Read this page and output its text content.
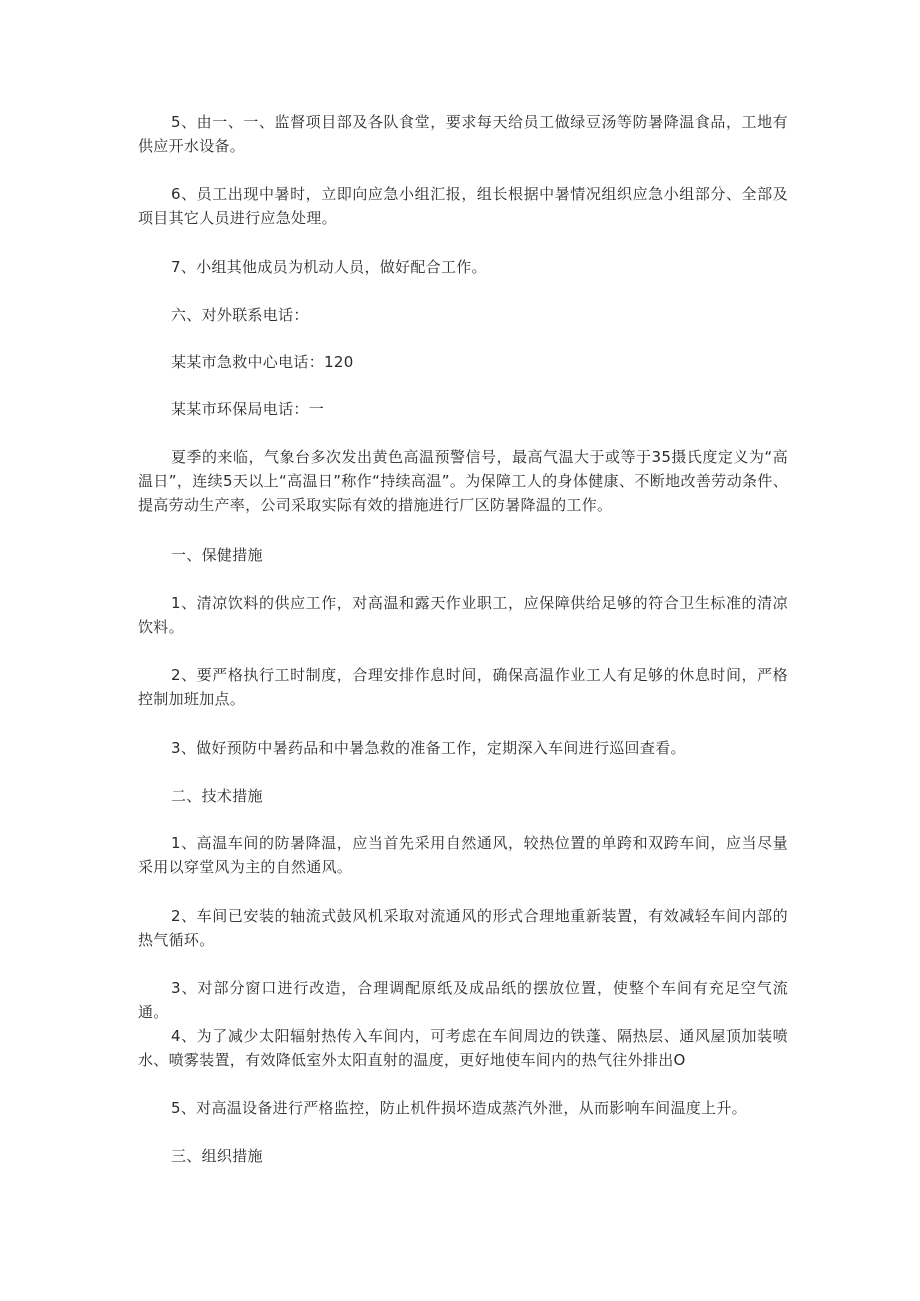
5、由一、一、监督项目部及各队食堂，要求每天给员工做绿豆汤等防暑降温食品，工地有供应开水设备。

6、员工出现中暑时，立即向应急小组汇报，组长根据中暑情况组织应急小组部分、全部及项目其它人员进行应急处理。

7、小组其他成员为机动人员，做好配合工作。

六、对外联系电话：

某某市急救中心电话：120

某某市环保局电话：一

夏季的来临，气象台多次发出黄色高温预警信号，最高气温大于或等于35摄氏度定义为“高温日”，连续5天以上“高温日”称作“持续高温”。为保障工人的身体健康、不断地改善劳动条件、提高劳动生产率，公司采取实际有效的措施进行厂区防暑降温的工作。

一、保健措施

1、清凉饮料的供应工作，对高温和露天作业职工，应保障供给足够的符合卫生标准的清凉饮料。

2、要严格执行工时制度，合理安排作息时间，确保高温作业工人有足够的休息时间，严格控制加班加点。

3、做好预防中暑药品和中暑急救的准备工作，定期深入车间进行巡回查看。

二、技术措施

1、高温车间的防暑降温，应当首先采用自然通风，较热位置的单跨和双跨车间，应当尽量采用以穿堂风为主的自然通风。

2、车间已安装的轴流式鼓风机采取对流通风的形式合理地重新装置，有效减轻车间内部的热气循环。

3、对部分窗口进行改造，合理调配原纸及成品纸的摆放位置，使整个车间有充足空气流通。

4、为了减少太阳辐射热传入车间内，可考虑在车间周边的铁蓬、隔热层、通风屋顶加装喷水、喷雾装置，有效降低室外太阳直射的温度，更好地使车间内的热气往外排出O

5、对高温设备进行严格监控，防止机件损坏造成蒸汽外泄，从而影响车间温度上升。

三、组织措施
